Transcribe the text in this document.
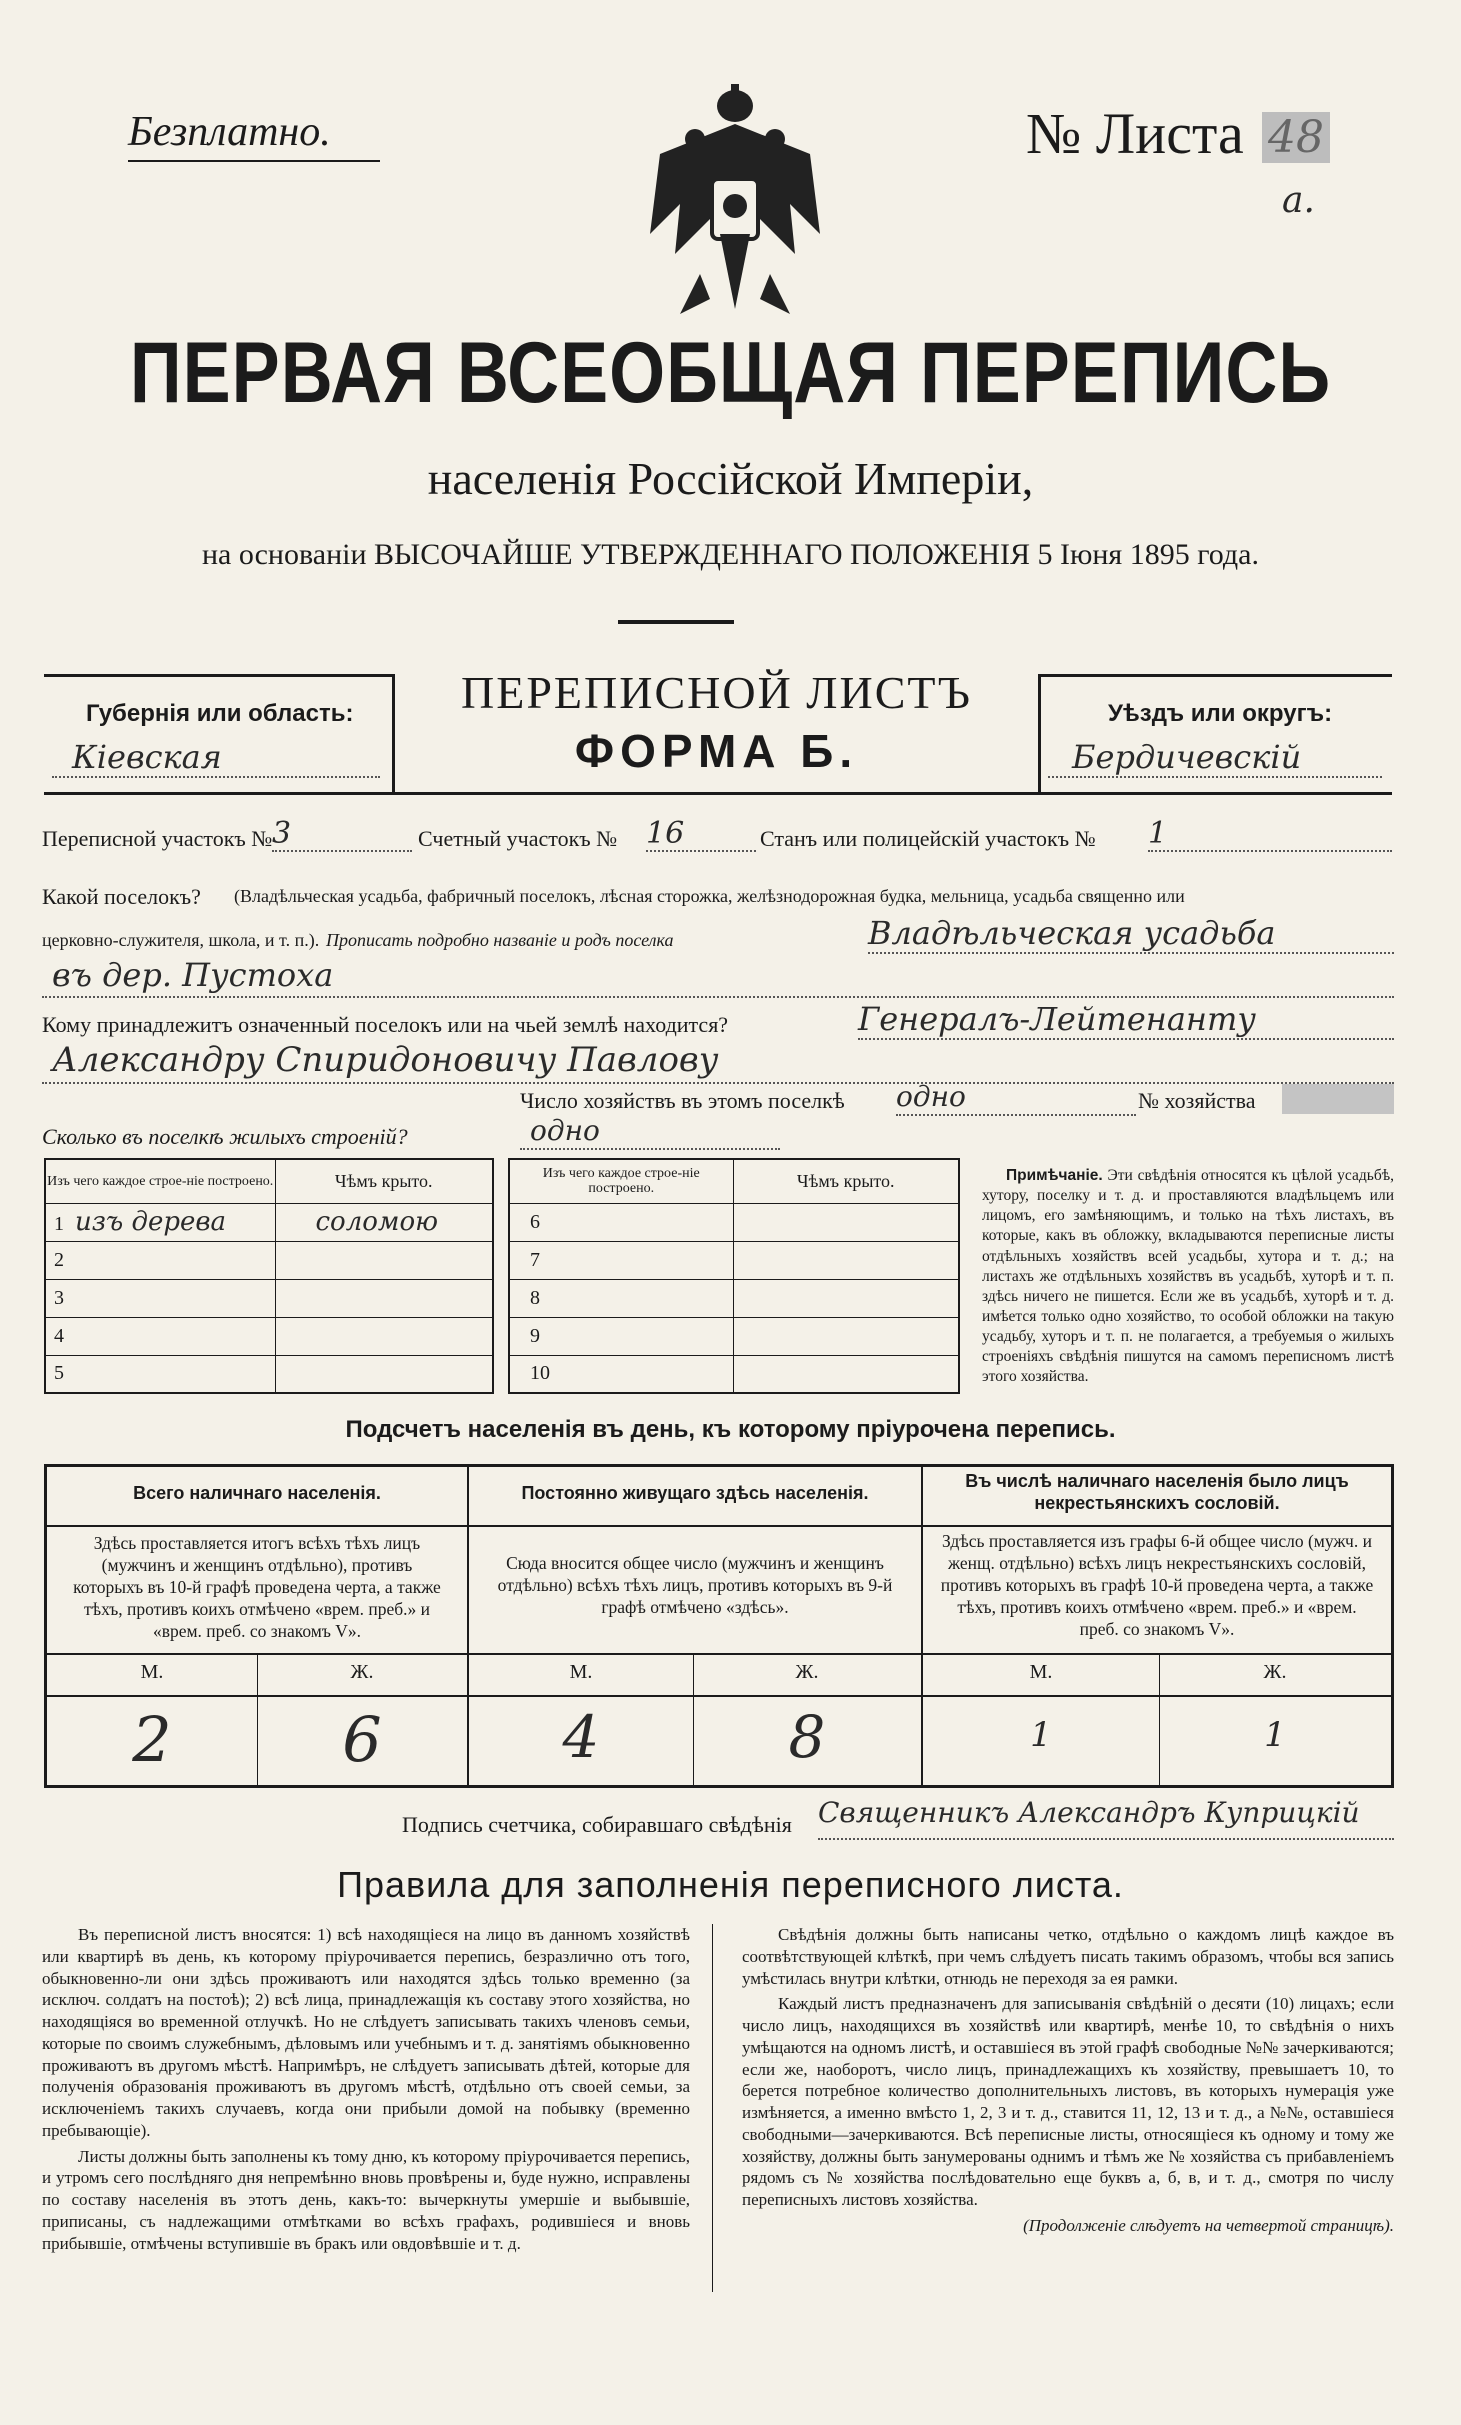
Безплатно.	№ Листа 48
а.
ПЕРВАЯ ВСЕОБЩАЯ ПЕРЕПИСЬ
населенія Россійской Имперіи,
на основаніи ВЫСОЧАЙШЕ УТВЕРЖДЕННАГО ПОЛОЖЕНІЯ 5 Іюня 1895 года.
Губернія или область:
Кіевская
ПЕРЕПИСНОЙ ЛИСТЪ
ФОРМА Б.
Уѣздъ или округъ:
Бердичевскій
Переписной участокъ № 3	Счетный участокъ № 16	Станъ или полицейскій участокъ № 1
Какой поселокъ? (Владѣльческая усадьба, фабричный поселокъ, лѣсная сторожка, желѣзнодорожная будка, мельница, усадьба священно или
церковно-служителя, школа, и т. п.). Прописать подробно названіе и родъ поселка	Владѣльческая усадьба
въ дер. Пустоха
Кому принадлежитъ означенный поселокъ или на чьей землѣ находится?	Генералъ-Лейтенанту
Александру Спиридоновичу Павлову
Число хозяйствъ въ этомъ поселкѣ одно	№ хозяйства
Сколько въ поселкѣ жилыхъ строеній?	одно
Изъ чего каждое строе-ніе построено.	Чѣмъ крыто.
1 изъ дерева	соломою
2	
3	
4	
5	
Изъ чего каждое строе-ніе построено.	Чѣмъ крыто.
6	
7	
8	
9	
10	
Примѣчаніе. Эти свѣдѣнія относятся къ цѣлой усадьбѣ, хутору, поселку и т. д. и проставляются владѣльцемъ или лицомъ, его замѣняющимъ, и только на тѣхъ листахъ, въ которые, какъ въ обложку, вкладываются переписные листы отдѣльныхъ хозяйствъ всей усадьбы, хутора и т. д.; на листахъ же отдѣльныхъ хозяйствъ въ усадьбѣ, хуторѣ и т. п. здѣсь ничего не пишется. Если же въ усадьбѣ, хуторѣ и т. д. имѣется только одно хозяйство, то особой обложки на такую усадьбу, хуторъ и т. п. не полагается, а требуемыя о жилыхъ строеніяхъ свѣдѣнія пишутся на самомъ переписномъ листѣ этого хозяйства.
Подсчетъ населенія въ день, къ которому пріурочена перепись.
Всего наличнаго населенія.
Здѣсь проставляется итогъ всѣхъ тѣхъ лицъ (мужчинъ и женщинъ отдѣльно), противъ которыхъ въ 10-й графѣ проведена черта, а также тѣхъ, противъ коихъ отмѣчено «врем. преб.» и «врем. преб. со знакомъ V».
М.	Ж.
2	6
Постоянно живущаго здѣсь населенія.
Сюда вносится общее число (мужчинъ и женщинъ отдѣльно) всѣхъ тѣхъ лицъ, противъ которыхъ въ 9-й графѣ отмѣчено «здѣсь».
М.	Ж.
4	8
Въ числѣ наличнаго населенія было лицъ некрестьянскихъ сословій.
Здѣсь проставляется изъ графы 6-й общее число (мужч. и женщ. отдѣльно) всѣхъ лицъ некрестьянскихъ сословій, противъ которыхъ въ графѣ 10-й проведена черта, а также тѣхъ, противъ коихъ отмѣчено «врем. преб.» и «врем. преб. со знакомъ V».
М.	Ж.
1	1
Подпись счетчика, собиравшаго свѣдѣнія Священникъ Александръ Куприцкій
Правила для заполненія переписного листа.

Въ переписной листъ вносятся: 1) всѣ находящіеся на лицо въ данномъ хозяйствѣ или квартирѣ въ день, къ которому пріурочивается перепись, безразлично отъ того, обыкновенно-ли они здѣсь проживаютъ или находятся здѣсь только временно (за исключ. солдатъ на постоѣ); 2) всѣ лица, принадлежащія къ составу этого хозяйства, но находящіяся во временной отлучкѣ. Но не слѣдуетъ записывать такихъ членовъ семьи, которые по своимъ служебнымъ, дѣловымъ или учебнымъ и т. д. занятіямъ обыкновенно проживаютъ въ другомъ мѣстѣ. Напримѣръ, не слѣдуетъ записывать дѣтей, которые для полученія образованія проживаютъ въ другомъ мѣстѣ, отдѣльно отъ своей семьи, за исключеніемъ такихъ случаевъ, когда они прибыли домой на побывку (временно пребывающіе).

Листы должны быть заполнены къ тому дню, къ которому пріурочивается перепись, и утромъ сего послѣдняго дня непремѣнно вновь провѣрены и, буде нужно, исправлены по составу населенія въ этотъ день, какъ-то: вычеркнуты умершіе и выбывшіе, приписаны, съ надлежащими отмѣтками во всѣхъ графахъ, родившіеся и вновь прибывшіе, отмѣчены вступившіе въ бракъ или овдовѣвшіе и т. д.

Свѣдѣнія должны быть написаны четко, отдѣльно о каждомъ лицѣ каждое въ соотвѣтствующей клѣткѣ, при чемъ слѣдуетъ писать такимъ образомъ, чтобы вся запись умѣстилась внутри клѣтки, отнюдь не переходя за ея рамки.

Каждый листъ предназначенъ для записыванія свѣдѣній о десяти (10) лицахъ; если число лицъ, находящихся въ хозяйствѣ или квартирѣ, менѣе 10, то свѣдѣнія о нихъ умѣщаются на одномъ листѣ, и оставшіеся въ этой графѣ свободные №№ зачеркиваются; если же, наоборотъ, число лицъ, принадлежащихъ къ хозяйству, превышаетъ 10, то берется потребное количество дополнительныхъ листовъ, въ которыхъ нумерація уже измѣняется, а именно вмѣсто 1, 2, 3 и т. д., ставится 11, 12, 13 и т. д., а №№, оставшіеся свободными—зачеркиваются. Всѣ переписные листы, относящіеся къ одному и тому же хозяйству, должны быть занумерованы однимъ и тѣмъ же № хозяйства съ прибавленіемъ рядомъ съ № хозяйства послѣдовательно еще буквъ а, б, в, и т. д., смотря по числу переписныхъ листовъ хозяйства.

(Продолженіе слѣдуетъ на четвертой страницѣ).
